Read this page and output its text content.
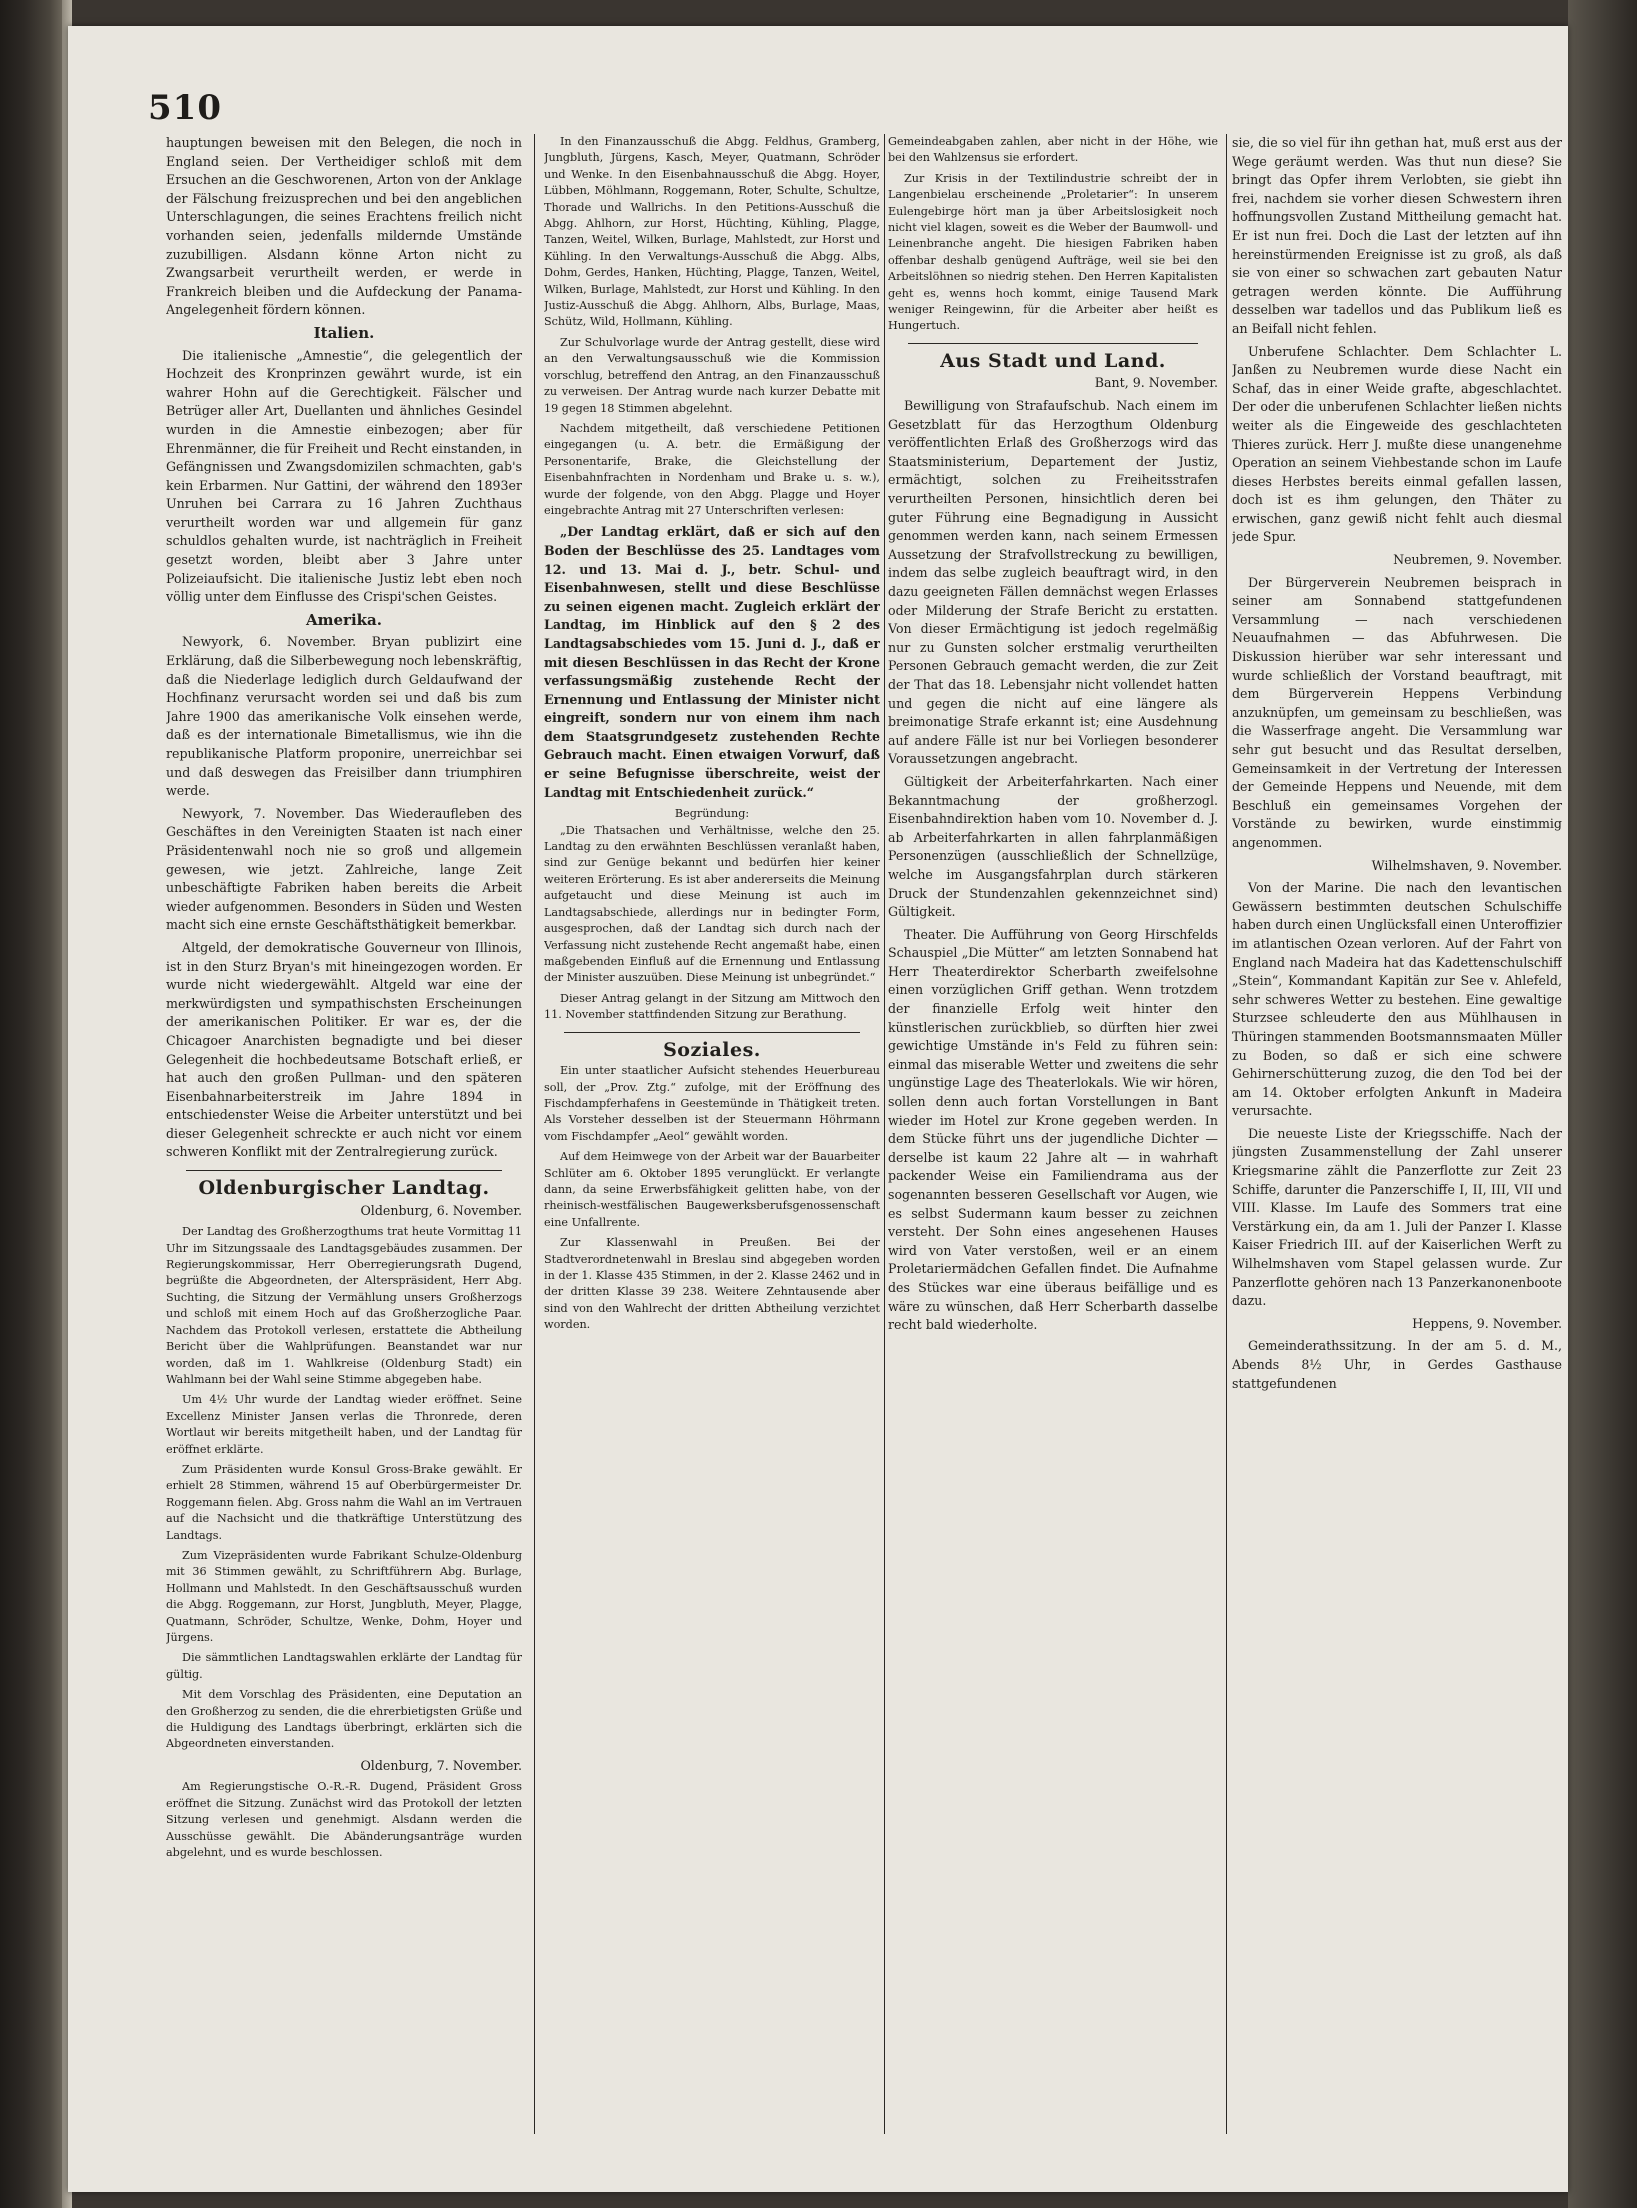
510

hauptungen beweisen mit den Belegen, die noch in England seien. Der Vertheidiger schloß mit dem Ersuchen an die Geschworenen, Arton von der Anklage der Fälschung freizusprechen und bei den angeblichen Unterschlagungen, die seines Erachtens freilich nicht vorhanden seien, jedenfalls mildernde Umstände zuzubilligen. Alsdann könne Arton nicht zu Zwangsarbeit verurtheilt werden, er werde in Frankreich bleiben und die Aufdeckung der Panama-Angelegenheit fördern können.

Italien.

Die italienische „Amnestie“, die gelegentlich der Hochzeit des Kronprinzen gewährt wurde, ist ein wahrer Hohn auf die Gerechtigkeit. Fälscher und Betrüger aller Art, Duellanten und ähnliches Gesindel wurden in die Amnestie einbezogen; aber für Ehrenmänner, die für Freiheit und Recht einstanden, in Gefängnissen und Zwangsdomizilen schmachten, gab's kein Erbarmen. Nur Gattini, der während den 1893er Unruhen bei Carrara zu 16 Jahren Zuchthaus verurtheilt worden war und allgemein für ganz schuldlos gehalten wurde, ist nachträglich in Freiheit gesetzt worden, bleibt aber 3 Jahre unter Polizeiaufsicht. Die italienische Justiz lebt eben noch völlig unter dem Einflusse des Crispi'schen Geistes.

Amerika.

Newyork, 6. November. Bryan publizirt eine Erklärung, daß die Silberbewegung noch lebenskräftig, daß die Niederlage lediglich durch Geldaufwand der Hochfinanz verursacht worden sei und daß bis zum Jahre 1900 das amerikanische Volk einsehen werde, daß es der internationale Bimetallismus, wie ihn die republikanische Platform proponire, unerreichbar sei und daß deswegen das Freisilber dann triumphiren werde.

Newyork, 7. November. Das Wiederaufleben des Geschäftes in den Vereinigten Staaten ist nach einer Präsidentenwahl noch nie so groß und allgemein gewesen, wie jetzt. Zahlreiche, lange Zeit unbeschäftigte Fabriken haben bereits die Arbeit wieder aufgenommen. Besonders in Süden und Westen macht sich eine ernste Geschäftsthätigkeit bemerkbar.

Altgeld, der demokratische Gouverneur von Illinois, ist in den Sturz Bryan's mit hineingezogen worden. Er wurde nicht wiedergewählt. Altgeld war eine der merkwürdigsten und sympathischsten Erscheinungen der amerikanischen Politiker. Er war es, der die Chicagoer Anarchisten begnadigte und bei dieser Gelegenheit die hochbedeutsame Botschaft erließ, er hat auch den großen Pullman- und den späteren Eisenbahnarbeiterstreik im Jahre 1894 in entschiedenster Weise die Arbeiter unterstützt und bei dieser Gelegenheit schreckte er auch nicht vor einem schweren Konflikt mit der Zentralregierung zurück.

Oldenburgischer Landtag.
Oldenburg, 6. November.

Der Landtag des Großherzogthums trat heute Vormittag 11 Uhr im Sitzungssaale des Landtagsgebäudes zusammen. Der Regierungskommissar, Herr Oberregierungsrath Dugend, begrüßte die Abgeordneten, der Alterspräsident, Herr Abg. Suchting, die Sitzung der Vermählung unsers Großherzogs und schloß mit einem Hoch auf das Großherzogliche Paar. Nachdem das Protokoll verlesen, erstattete die Abtheilung Bericht über die Wahlprüfungen. Beanstandet war nur worden, daß im 1. Wahlkreise (Oldenburg Stadt) ein Wahlmann bei der Wahl seine Stimme abgegeben habe.

Um 4½ Uhr wurde der Landtag wieder eröffnet. Seine Excellenz Minister Jansen verlas die Thronrede, deren Wortlaut wir bereits mitgetheilt haben, und der Landtag für eröffnet erklärte.

Zum Präsidenten wurde Konsul Gross-Brake gewählt. Er erhielt 28 Stimmen, während 15 auf Oberbürgermeister Dr. Roggemann fielen. Abg. Gross nahm die Wahl an im Vertrauen auf die Nachsicht und die thatkräftige Unterstützung des Landtags.

Zum Vizepräsidenten wurde Fabrikant Schulze-Oldenburg mit 36 Stimmen gewählt, zu Schriftführern Abg. Burlage, Hollmann und Mahlstedt. In den Geschäftsausschuß wurden die Abgg. Roggemann, zur Horst, Jungbluth, Meyer, Plagge, Quatmann, Schröder, Schultze, Wenke, Dohm, Hoyer und Jürgens.

Die sämmtlichen Landtagswahlen erklärte der Landtag für gültig.

Mit dem Vorschlag des Präsidenten, eine Deputation an den Großherzog zu senden, die die ehrerbietigsten Grüße und die Huldigung des Landtags überbringt, erklärten sich die Abgeordneten einverstanden.

Oldenburg, 7. November.

Am Regierungstische O.-R.-R. Dugend, Präsident Gross eröffnet die Sitzung. Zunächst wird das Protokoll der letzten Sitzung verlesen und genehmigt. Alsdann werden die Ausschüsse gewählt. Die Abänderungsanträge wurden abgelehnt, und es wurde beschlossen.

In den Finanzausschuß die Abgg. Feldhus, Gramberg, Jungbluth, Jürgens, Kasch, Meyer, Quatmann, Schröder und Wenke. In den Eisenbahnausschuß die Abgg. Hoyer, Lübben, Möhlmann, Roggemann, Roter, Schulte, Schultze, Thorade und Wallrichs. In den Petitions-Ausschuß die Abgg. Ahlhorn, zur Horst, Hüchting, Kühling, Plagge, Tanzen, Weitel, Wilken, Burlage, Mahlstedt, zur Horst und Kühling. In den Verwaltungs-Ausschuß die Abgg. Albs, Dohm, Gerdes, Hanken, Hüchting, Plagge, Tanzen, Weitel, Wilken, Burlage, Mahlstedt, zur Horst und Kühling. In den Justiz-Ausschuß die Abgg. Ahlhorn, Albs, Burlage, Maas, Schütz, Wild, Hollmann, Kühling.

Zur Schulvorlage wurde der Antrag gestellt, diese wird an den Verwaltungsausschuß wie die Kommission vorschlug, betreffend den Antrag, an den Finanzausschuß zu verweisen. Der Antrag wurde nach kurzer Debatte mit 19 gegen 18 Stimmen abgelehnt.

Nachdem mitgetheilt, daß verschiedene Petitionen eingegangen (u. A. betr. die Ermäßigung der Personentarife, Brake, die Gleichstellung der Eisenbahnfrachten in Nordenham und Brake u. s. w.), wurde der folgende, von den Abgg. Plagge und Hoyer eingebrachte Antrag mit 27 Unterschriften verlesen:

„Der Landtag erklärt, daß er sich auf den Boden der Beschlüsse des 25. Landtages vom 12. und 13. Mai d. J., betr. Schul- und Eisenbahnwesen, stellt und diese Beschlüsse zu seinen eigenen macht. Zugleich erklärt der Landtag, im Hinblick auf den § 2 des Landtagsabschiedes vom 15. Juni d. J., daß er mit diesen Beschlüssen in das Recht der Krone verfassungsmäßig zustehende Recht der Ernennung und Entlassung der Minister nicht eingreift, sondern nur von einem ihm nach dem Staatsgrundgesetz zustehenden Rechte Gebrauch macht. Einen etwaigen Vorwurf, daß er seine Befugnisse überschreite, weist der Landtag mit Entschiedenheit zurück.“

Begründung:

„Die Thatsachen und Verhältnisse, welche den 25. Landtag zu den erwähnten Beschlüssen veranlaßt haben, sind zur Genüge bekannt und bedürfen hier keiner weiteren Erörterung. Es ist aber andererseits die Meinung aufgetaucht und diese Meinung ist auch im Landtagsabschiede, allerdings nur in bedingter Form, ausgesprochen, daß der Landtag sich durch nach der Verfassung nicht zustehende Recht angemaßt habe, einen maßgebenden Einfluß auf die Ernennung und Entlassung der Minister auszuüben. Diese Meinung ist unbegründet.“

Dieser Antrag gelangt in der Sitzung am Mittwoch den 11. November stattfindenden Sitzung zur Berathung.

Soziales.

Ein unter staatlicher Aufsicht stehendes Heuerbureau soll, der „Prov. Ztg.“ zufolge, mit der Eröffnung des Fischdampferhafens in Geestemünde in Thätigkeit treten. Als Vorsteher desselben ist der Steuermann Höhrmann vom Fischdampfer „Aeol“ gewählt worden.

Auf dem Heimwege von der Arbeit war der Bauarbeiter Schlüter am 6. Oktober 1895 verunglückt. Er verlangte dann, da seine Erwerbsfähigkeit gelitten habe, von der rheinisch-westfälischen Baugewerksberufsgenossenschaft eine Unfallrente.

Zur Klassenwahl in Preußen. Bei der Stadtverordnetenwahl in Breslau sind abgegeben worden in der 1. Klasse 435 Stimmen, in der 2. Klasse 2462 und in der dritten Klasse 39 238. Weitere Zehntausende aber sind von den Wahlrecht der dritten Abtheilung verzichtet worden.

Gemeindeabgaben zahlen, aber nicht in der Höhe, wie bei den Wahlzensus sie erfordert.

Zur Krisis in der Textilindustrie schreibt der in Langenbielau erscheinende „Proletarier“: In unserem Eulengebirge hört man ja über Arbeitslosigkeit noch nicht viel klagen, soweit es die Weber der Baumwoll- und Leinenbranche angeht. Die hiesigen Fabriken haben offenbar deshalb genügend Aufträge, weil sie bei den Arbeitslöhnen so niedrig stehen. Den Herren Kapitalisten geht es, wenns hoch kommt, einige Tausend Mark weniger Reingewinn, für die Arbeiter aber heißt es Hungertuch.

Aus Stadt und Land.
Bant, 9. November.

Bewilligung von Strafaufschub. Nach einem im Gesetzblatt für das Herzogthum Oldenburg veröffentlichten Erlaß des Großherzogs wird das Staatsministerium, Departement der Justiz, ermächtigt, solchen zu Freiheitsstrafen verurtheilten Personen, hinsichtlich deren bei guter Führung eine Begnadigung in Aussicht genommen werden kann, nach seinem Ermessen Aussetzung der Strafvollstreckung zu bewilligen, indem das selbe zugleich beauftragt wird, in den dazu geeigneten Fällen demnächst wegen Erlasses oder Milderung der Strafe Bericht zu erstatten. Von dieser Ermächtigung ist jedoch regelmäßig nur zu Gunsten solcher erstmalig verurtheilten Personen Gebrauch gemacht werden, die zur Zeit der That das 18. Lebensjahr nicht vollendet hatten und gegen die nicht auf eine längere als breimonatige Strafe erkannt ist; eine Ausdehnung auf andere Fälle ist nur bei Vorliegen besonderer Voraussetzungen angebracht.

Gültigkeit der Arbeiterfahrkarten. Nach einer Bekanntmachung der großherzogl. Eisenbahndirektion haben vom 10. November d. J. ab Arbeiterfahrkarten in allen fahrplanmäßigen Personenzügen (ausschließlich der Schnellzüge, welche im Ausgangsfahrplan durch stärkeren Druck der Stundenzahlen gekennzeichnet sind) Gültigkeit.

Theater. Die Aufführung von Georg Hirschfelds Schauspiel „Die Mütter“ am letzten Sonnabend hat Herr Theaterdirektor Scherbarth zweifelsohne einen vorzüglichen Griff gethan. Wenn trotzdem der finanzielle Erfolg weit hinter den künstlerischen zurückblieb, so dürften hier zwei gewichtige Umstände in's Feld zu führen sein: einmal das miserable Wetter und zweitens die sehr ungünstige Lage des Theaterlokals. Wie wir hören, sollen denn auch fortan Vorstellungen in Bant wieder im Hotel zur Krone gegeben werden. In dem Stücke führt uns der jugendliche Dichter — derselbe ist kaum 22 Jahre alt — in wahrhaft packender Weise ein Familiendrama aus der sogenannten besseren Gesellschaft vor Augen, wie es selbst Sudermann kaum besser zu zeichnen versteht. Der Sohn eines angesehenen Hauses wird von Vater verstoßen, weil er an einem Proletariermädchen Gefallen findet. Die Aufnahme des Stückes war eine überaus beifällige und es wäre zu wünschen, daß Herr Scherbarth dasselbe recht bald wiederholte.

sie, die so viel für ihn gethan hat, muß erst aus der Wege geräumt werden. Was thut nun diese? Sie bringt das Opfer ihrem Verlobten, sie giebt ihn frei, nachdem sie vorher diesen Schwestern ihren hoffnungsvollen Zustand Mittheilung gemacht hat. Er ist nun frei. Doch die Last der letzten auf ihn hereinstürmenden Ereignisse ist zu groß, als daß sie von einer so schwachen zart gebauten Natur getragen werden könnte. Die Aufführung desselben war tadellos und das Publikum ließ es an Beifall nicht fehlen.

Unberufene Schlachter. Dem Schlachter L. Janßen zu Neubremen wurde diese Nacht ein Schaf, das in einer Weide grafte, abgeschlachtet. Der oder die unberufenen Schlachter ließen nichts weiter als die Eingeweide des geschlachteten Thieres zurück. Herr J. mußte diese unangenehme Operation an seinem Viehbestande schon im Laufe dieses Herbstes bereits einmal gefallen lassen, doch ist es ihm gelungen, den Thäter zu erwischen, ganz gewiß nicht fehlt auch diesmal jede Spur.

Neubremen, 9. November.

Der Bürgerverein Neubremen beisprach in seiner am Sonnabend stattgefundenen Versammlung — nach verschiedenen Neuaufnahmen — das Abfuhrwesen. Die Diskussion hierüber war sehr interessant und wurde schließlich der Vorstand beauftragt, mit dem Bürgerverein Heppens Verbindung anzuknüpfen, um gemeinsam zu beschließen, was die Wasserfrage angeht. Die Versammlung war sehr gut besucht und das Resultat derselben, Gemeinsamkeit in der Vertretung der Interessen der Gemeinde Heppens und Neuende, mit dem Beschluß ein gemeinsames Vorgehen der Vorstände zu bewirken, wurde einstimmig angenommen.

Wilhelmshaven, 9. November.

Von der Marine. Die nach den levantischen Gewässern bestimmten deutschen Schulschiffe haben durch einen Unglücksfall einen Unteroffizier im atlantischen Ozean verloren. Auf der Fahrt von England nach Madeira hat das Kadettenschulschiff „Stein“, Kommandant Kapitän zur See v. Ahlefeld, sehr schweres Wetter zu bestehen. Eine gewaltige Sturzsee schleuderte den aus Mühlhausen in Thüringen stammenden Bootsmannsmaaten Müller zu Boden, so daß er sich eine schwere Gehirnerschütterung zuzog, die den Tod bei der am 14. Oktober erfolgten Ankunft in Madeira verursachte.

Die neueste Liste der Kriegsschiffe. Nach der jüngsten Zusammenstellung der Zahl unserer Kriegsmarine zählt die Panzerflotte zur Zeit 23 Schiffe, darunter die Panzerschiffe I, II, III, VII und VIII. Klasse. Im Laufe des Sommers trat eine Verstärkung ein, da am 1. Juli der Panzer I. Klasse Kaiser Friedrich III. auf der Kaiserlichen Werft zu Wilhelmshaven vom Stapel gelassen wurde. Zur Panzerflotte gehören nach 13 Panzerkanonenboote dazu.

Heppens, 9. November.

Gemeinderathssitzung. In der am 5. d. M., Abends 8½ Uhr, in Gerdes Gasthause stattgefundenen
